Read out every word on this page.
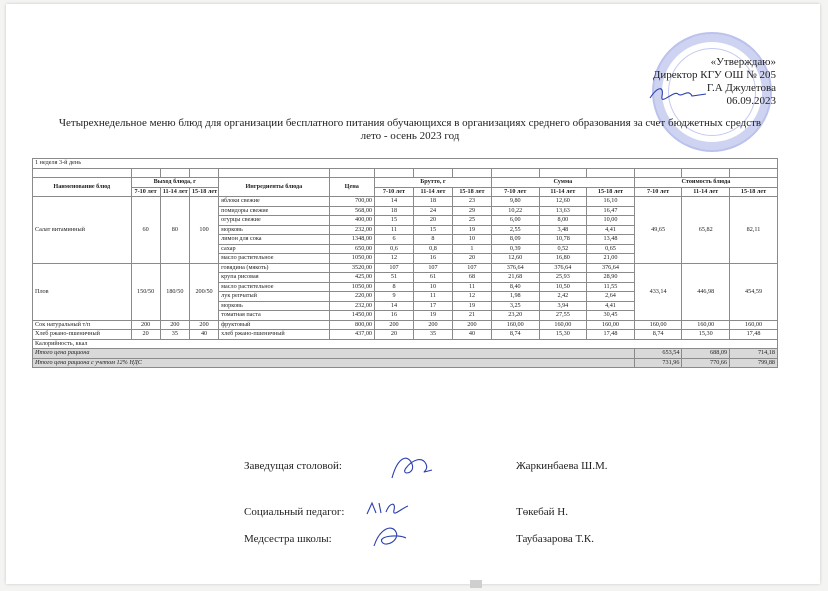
«Утверждаю»
Директор КГУ ОШ № 205
Г.А Джулетова
06.09.2023
Четырехнедельное меню блюд для организации бесплатного питания обучающихся в организациях среднего образования за счет бюджетных средств
лето - осень 2023 год
1 неделя 3-й день														

Наименование блюд	Выход блюда, г			Ингредиенты блюда	Цена	Брутто, г			Сумма			Стоимость блюда		
	7-10 лет	11-14 лет	15-18 лет			7-10 лет	11-14 лет	15-18 лет	7-10 лет	11-14 лет	15-18 лет	7-10 лет	11-14 лет	15-18 лет
Салат витаминный	60	80	100	яблоки свежие	700,00	14	18	23	9,80	12,60	16,10	49,65	65,82	82,11
				помидоры свежие	568,00	18	24	29	10,22	13,63	16,47			
				огурцы свежие	400,00	15	20	25	6,00	8,00	10,00			
				морковь	232,00	11	15	19	2,55	3,48	4,41			
				лимон для сока	1348,00	6	8	10	8,09	10,78	13,48			
				сахар	650,00	0,6	0,8	1	0,39	0,52	0,65			
				масло растительное	1050,00	12	16	20	12,60	16,80	21,00			
Плов	150/50	180/50	200/50	говядина (мякоть)	3520,00	107	107	107	376,64	376,64	376,64	433,14	446,98	454,59
				крупа рисовая	425,00	51	61	68	21,68	25,93	28,90			
				масло растительное	1050,00	8	10	11	8,40	10,50	11,55			
				лук репчатый	220,00	9	11	12	1,98	2,42	2,64			
				морковь	232,00	14	17	19	3,25	3,94	4,41			
				томатная паста	1450,00	16	19	21	23,20	27,55	30,45			
Сок натуральный т/п	200	200	200	фруктовый	800,00	200	200	200	160,00	160,00	160,00	160,00	160,00	160,00
Хлеб ржано-пшеничный	20	35	40	хлеб ржано-пшеничный	437,00	20	35	40	8,74	15,30	17,48	8,74	15,30	17,48
Калорийность, ккал														
Итого цена рациона												653,54	688,09	714,18
Итого цена рациона с учетом 12% НДС												731,96	770,66	799,88
Социальный педагог:	Төкебай Н.
Медсестра школы:	Таубазарова Т.К.
Заведущая столовой:	Жаркинбаева Ш.М.
